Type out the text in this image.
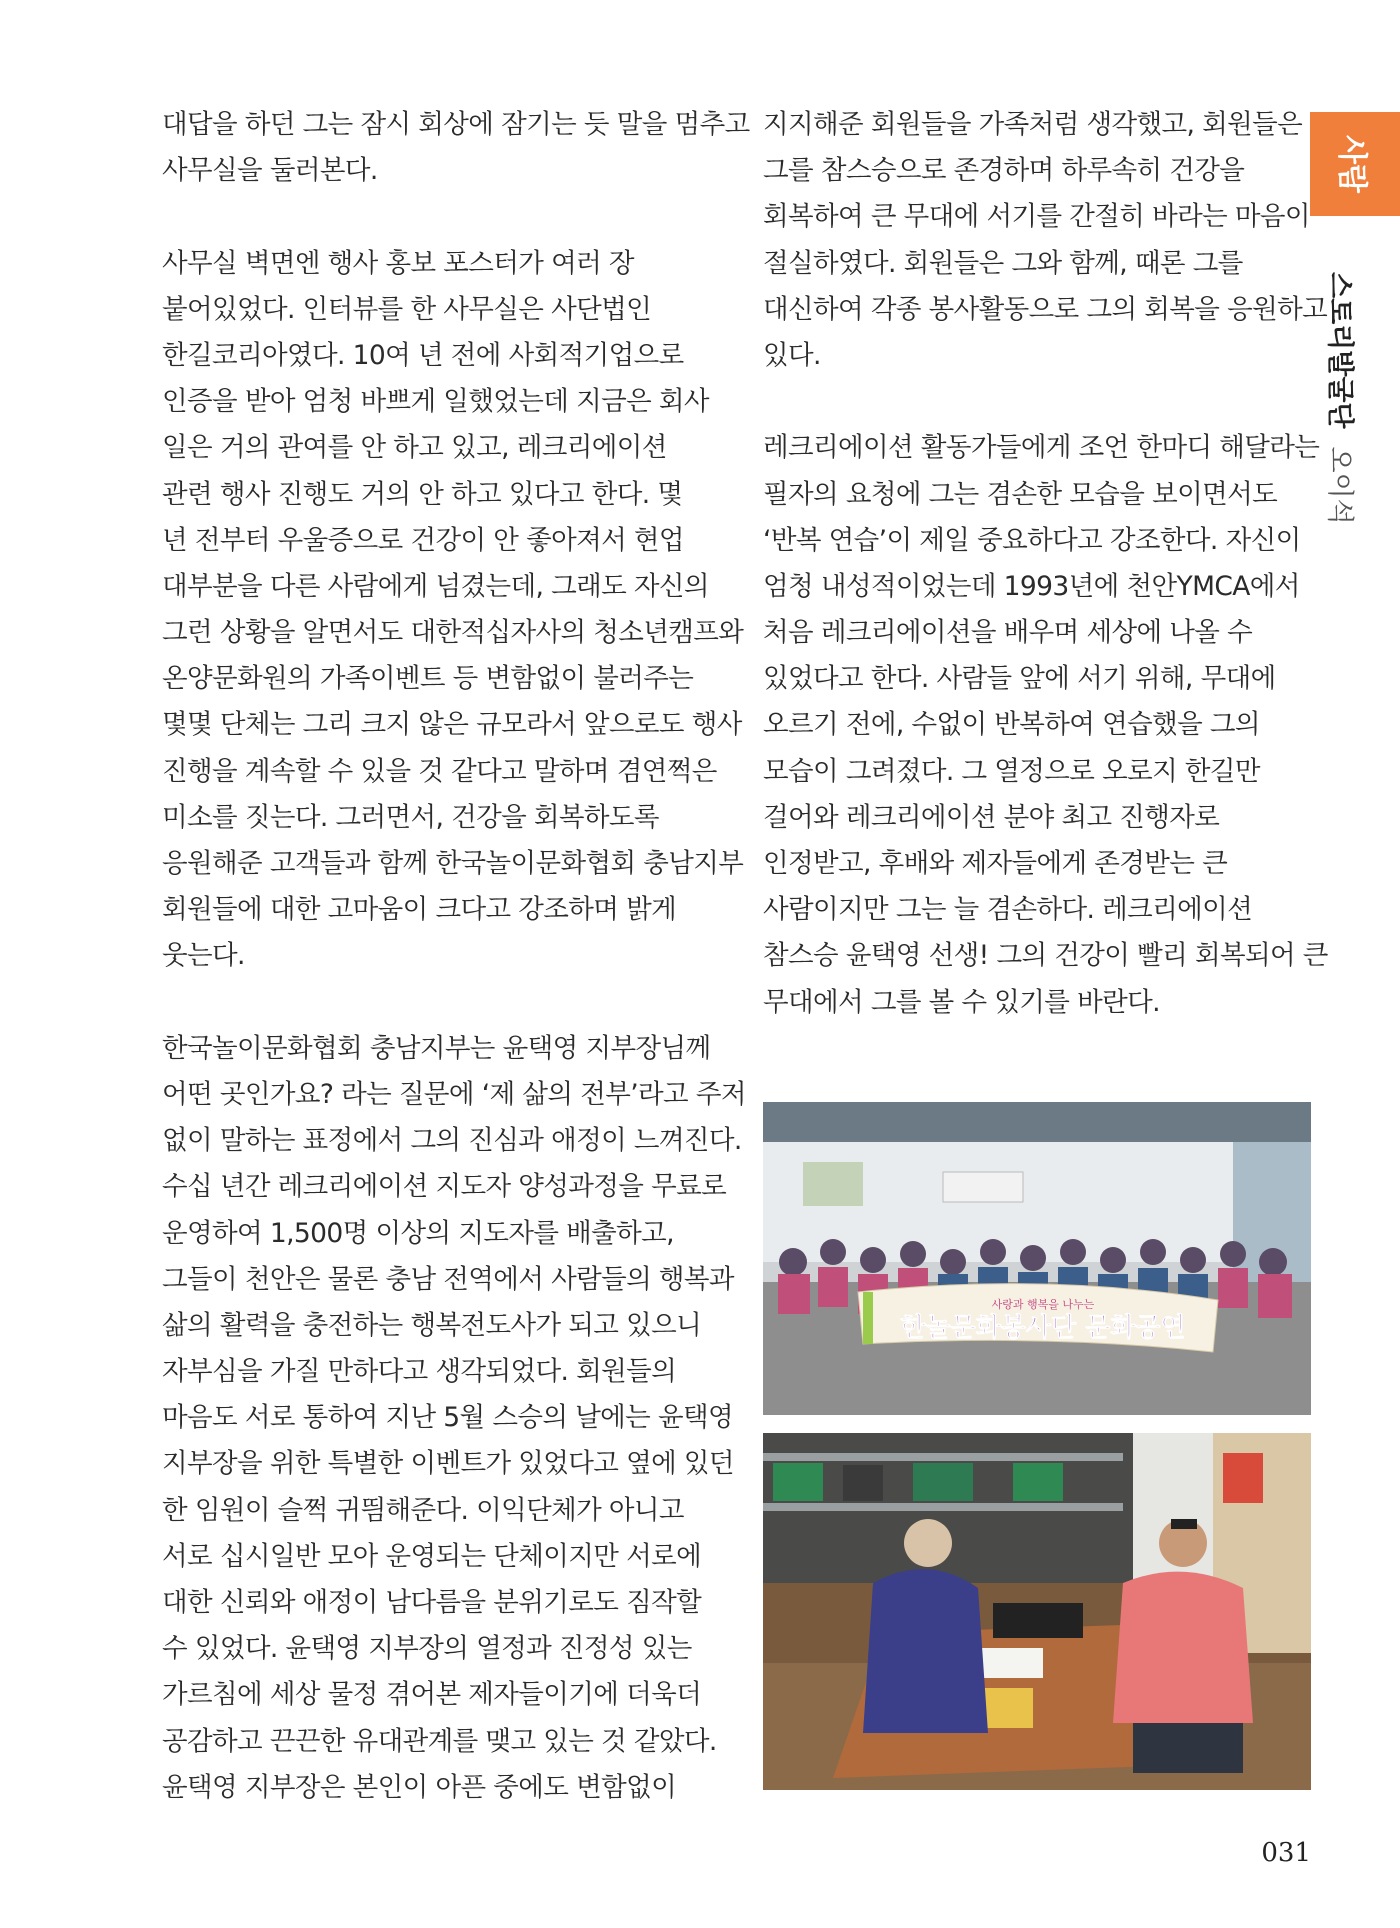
사람
스토리발굴단오이석
대답을 하던 그는 잠시 회상에 잠기는 듯 말을 멈추고
사무실을 둘러본다.
사무실 벽면엔 행사 홍보 포스터가 여러 장
붙어있었다. 인터뷰를 한 사무실은 사단법인
한길코리아였다. 10여 년 전에 사회적기업으로
인증을 받아 엄청 바쁘게 일했었는데 지금은 회사
일은 거의 관여를 안 하고 있고, 레크리에이션
관련 행사 진행도 거의 안 하고 있다고 한다. 몇
년 전부터 우울증으로 건강이 안 좋아져서 현업
대부분을 다른 사람에게 넘겼는데, 그래도 자신의
그런 상황을 알면서도 대한적십자사의 청소년캠프와
온양문화원의 가족이벤트 등 변함없이 불러주는
몇몇 단체는 그리 크지 않은 규모라서 앞으로도 행사
진행을 계속할 수 있을 것 같다고 말하며 겸연쩍은
미소를 짓는다. 그러면서, 건강을 회복하도록
응원해준 고객들과 함께 한국놀이문화협회 충남지부
회원들에 대한 고마움이 크다고 강조하며 밝게
웃는다.
한국놀이문화협회 충남지부는 윤택영 지부장님께
어떤 곳인가요? 라는 질문에 ‘제 삶의 전부’라고 주저
없이 말하는 표정에서 그의 진심과 애정이 느껴진다.
수십 년간 레크리에이션 지도자 양성과정을 무료로
운영하여 1,500명 이상의 지도자를 배출하고,
그들이 천안은 물론 충남 전역에서 사람들의 행복과
삶의 활력을 충전하는 행복전도사가 되고 있으니
자부심을 가질 만하다고 생각되었다. 회원들의
마음도 서로 통하여 지난 5월 스승의 날에는 윤택영
지부장을 위한 특별한 이벤트가 있었다고 옆에 있던
한 임원이 슬쩍 귀띔해준다. 이익단체가 아니고
서로 십시일반 모아 운영되는 단체이지만 서로에
대한 신뢰와 애정이 남다름을 분위기로도 짐작할
수 있었다. 윤택영 지부장의 열정과 진정성 있는
가르침에 세상 물정 겪어본 제자들이기에 더욱더
공감하고 끈끈한 유대관계를 맺고 있는 것 같았다.
윤택영 지부장은 본인이 아픈 중에도 변함없이
지지해준 회원들을 가족처럼 생각했고, 회원들은
그를 참스승으로 존경하며 하루속히 건강을
회복하여 큰 무대에 서기를 간절히 바라는 마음이
절실하였다. 회원들은 그와 함께, 때론 그를
대신하여 각종 봉사활동으로 그의 회복을 응원하고
있다.
레크리에이션 활동가들에게 조언 한마디 해달라는
필자의 요청에 그는 겸손한 모습을 보이면서도
‘반복 연습’이 제일 중요하다고 강조한다. 자신이
엄청 내성적이었는데 1993년에 천안YMCA에서
처음 레크리에이션을 배우며 세상에 나올 수
있었다고 한다. 사람들 앞에 서기 위해, 무대에
오르기 전에, 수없이 반복하여 연습했을 그의
모습이 그려졌다. 그 열정으로 오로지 한길만
걸어와 레크리에이션 분야 최고 진행자로
인정받고, 후배와 제자들에게 존경받는 큰
사람이지만 그는 늘 겸손하다. 레크리에이션
참스승 윤택영 선생! 그의 건강이 빨리 회복되어 큰
무대에서 그를 볼 수 있기를 바란다.
사랑과 행복을 나누는
한놀문화봉사단 문화공연
031
